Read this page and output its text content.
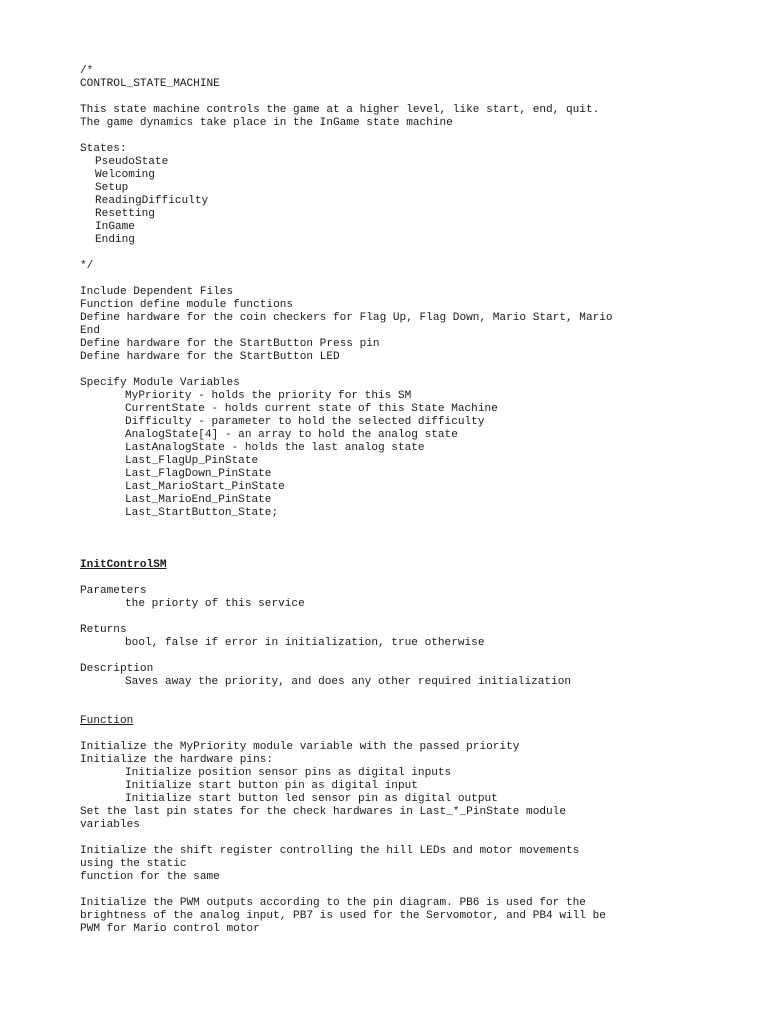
/*
CONTROL_STATE_MACHINE
This state machine controls the game at a higher level, like start, end, quit.
The game dynamics take place in the InGame state machine
States:
PseudoState
Welcoming
Setup
ReadingDifficulty
Resetting
InGame
Ending
*/
Include Dependent Files
Function define module functions
Define hardware for the coin checkers for Flag Up, Flag Down, Mario Start, Mario
End
Define hardware for the StartButton Press pin
Define hardware for the StartButton LED
Specify Module Variables
MyPriority - holds the priority for this SM
CurrentState - holds current state of this State Machine
Difficulty - parameter to hold the selected difficulty
AnalogState[4] - an array to hold the analog state
LastAnalogState - holds the last analog state
Last_FlagUp_PinState
Last_FlagDown_PinState
Last_MarioStart_PinState
Last_MarioEnd_PinState
Last_StartButton_State;
InitControlSM
Parameters
the priorty of this service
Returns
bool, false if error in initialization, true otherwise
Description
Saves away the priority, and does any other required initialization
Function
Initialize the MyPriority module variable with the passed priority
Initialize the hardware pins:
Initialize position sensor pins as digital inputs
Initialize start button pin as digital input
Initialize start button led sensor pin as digital output
Set the last pin states for the check hardwares in Last_*_PinState module
variables
Initialize the shift register controlling the hill LEDs and motor movements
using the static
function for the same
Initialize the PWM outputs according to the pin diagram. PB6 is used for the
brightness of the analog input, PB7 is used for the Servomotor, and PB4 will be
PWM for Mario control motor
